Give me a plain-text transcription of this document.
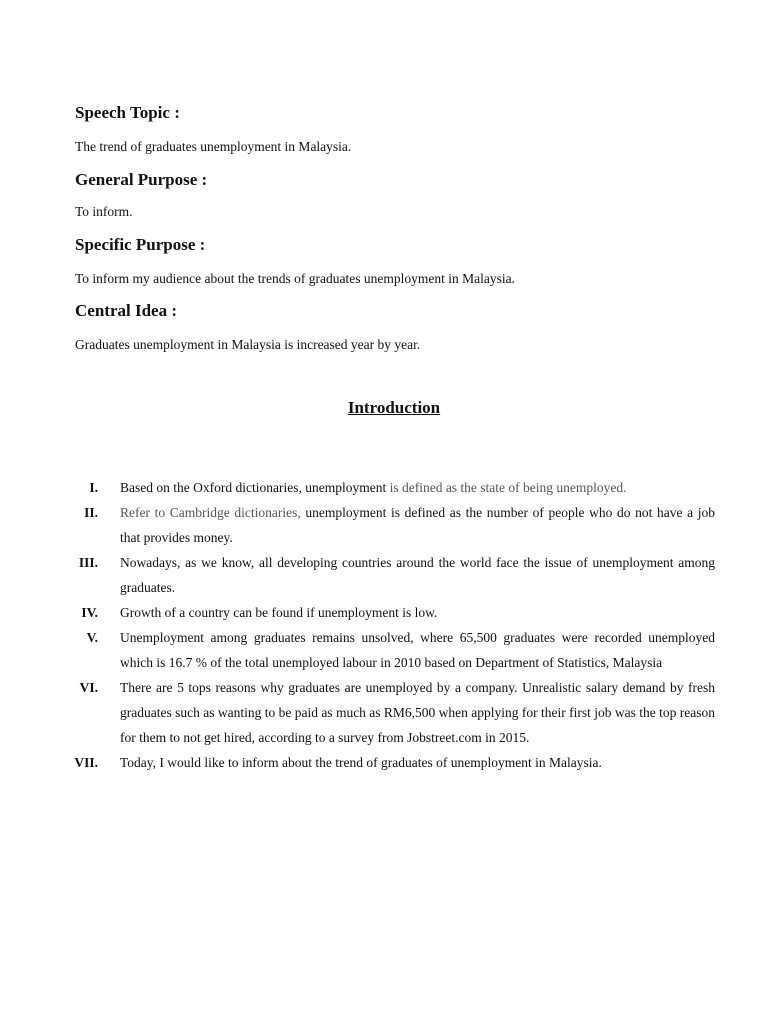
Speech Topic :

The trend of graduates unemployment in Malaysia.

General Purpose :

To inform.

Specific Purpose :

To inform my audience about the trends of graduates unemployment in Malaysia.

Central Idea :

Graduates unemployment in Malaysia is increased year by year.

Introduction
I. Based on the Oxford dictionaries, unemployment is defined as the state of being unemployed.
II. Refer to Cambridge dictionaries, unemployment is defined as the number of people who do not have a job that provides money.
III. Nowadays, as we know, all developing countries around the world face the issue of unemployment among graduates.
IV. Growth of a country can be found if unemployment is low.
V. Unemployment among graduates remains unsolved, where 65,500 graduates were recorded unemployed which is 16.7 % of the total unemployed labour in 2010 based on Department of Statistics, Malaysia
VI. There are 5 tops reasons why graduates are unemployed by a company. Unrealistic salary demand by fresh graduates such as wanting to be paid as much as RM6,500 when applying for their first job was the top reason for them to not get hired, according to a survey from Jobstreet.com in 2015.
VII. Today, I would like to inform about the trend of graduates of unemployment in Malaysia.
